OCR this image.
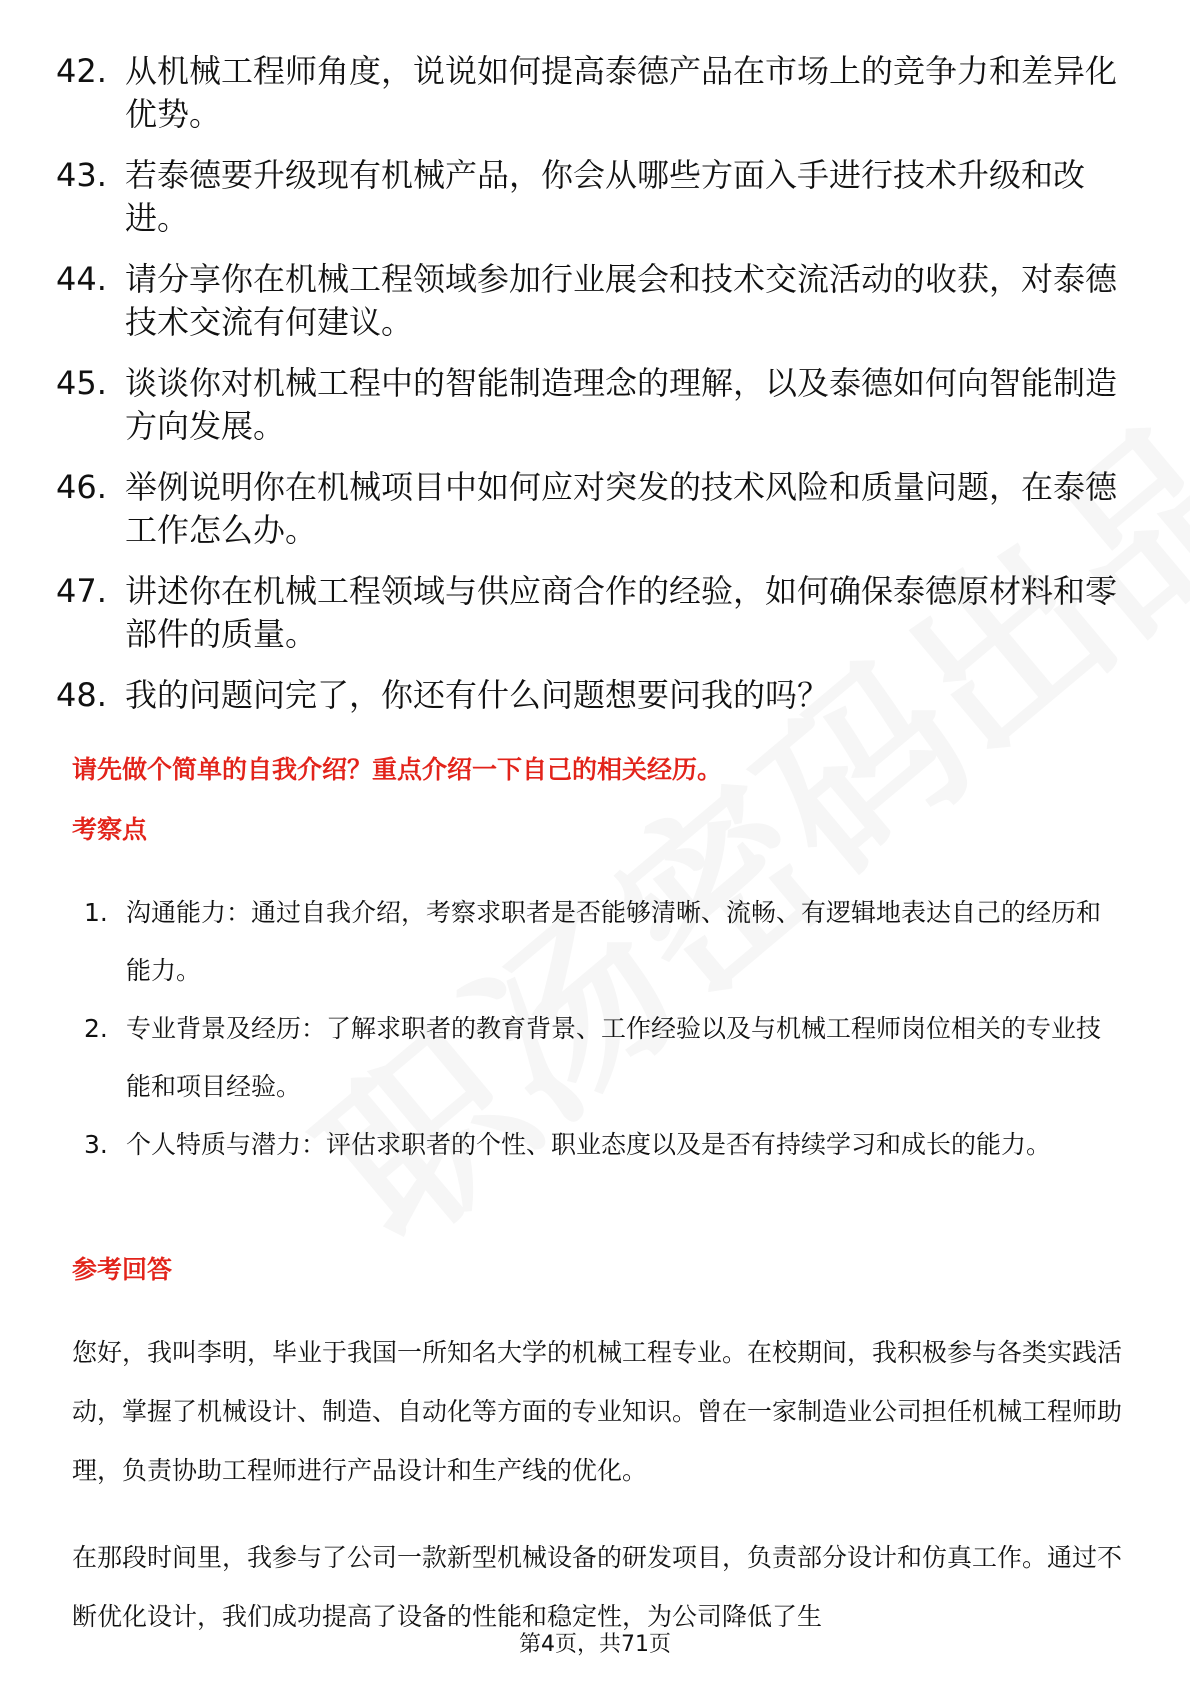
42. 从机械工程师角度，说说如何提高泰德产品在市场上的竞争力和差异化优势。
43. 若泰德要升级现有机械产品，你会从哪些方面入手进行技术升级和改进。
44. 请分享你在机械工程领域参加行业展会和技术交流活动的收获，对泰德技术交流有何建议。
45. 谈谈你对机械工程中的智能制造理念的理解，以及泰德如何向智能制造方向发展。
46. 举例说明你在机械项目中如何应对突发的技术风险和质量问题，在泰德工作怎么办。
47. 讲述你在机械工程领域与供应商合作的经验，如何确保泰德原材料和零部件的质量。
48. 我的问题问完了，你还有什么问题想要问我的吗？
请先做个简单的自我介绍？重点介绍一下自己的相关经历。
考察点
1. 沟通能力：通过自我介绍，考察求职者是否能够清晰、流畅、有逻辑地表达自己的经历和能力。
2. 专业背景及经历：了解求职者的教育背景、工作经验以及与机械工程师岗位相关的专业技能和项目经验。
3. 个人特质与潜力：评估求职者的个性、职业态度以及是否有持续学习和成长的能力。
参考回答
您好，我叫李明，毕业于我国一所知名大学的机械工程专业。在校期间，我积极参与各类实践活动，掌握了机械设计、制造、自动化等方面的专业知识。曾在一家制造业公司担任机械工程师助理，负责协助工程师进行产品设计和生产线的优化。
在那段时间里，我参与了公司一款新型机械设备的研发项目，负责部分设计和仿真工作。通过不断优化设计，我们成功提高了设备的性能和稳定性，为公司降低了生
第4页，共71页
